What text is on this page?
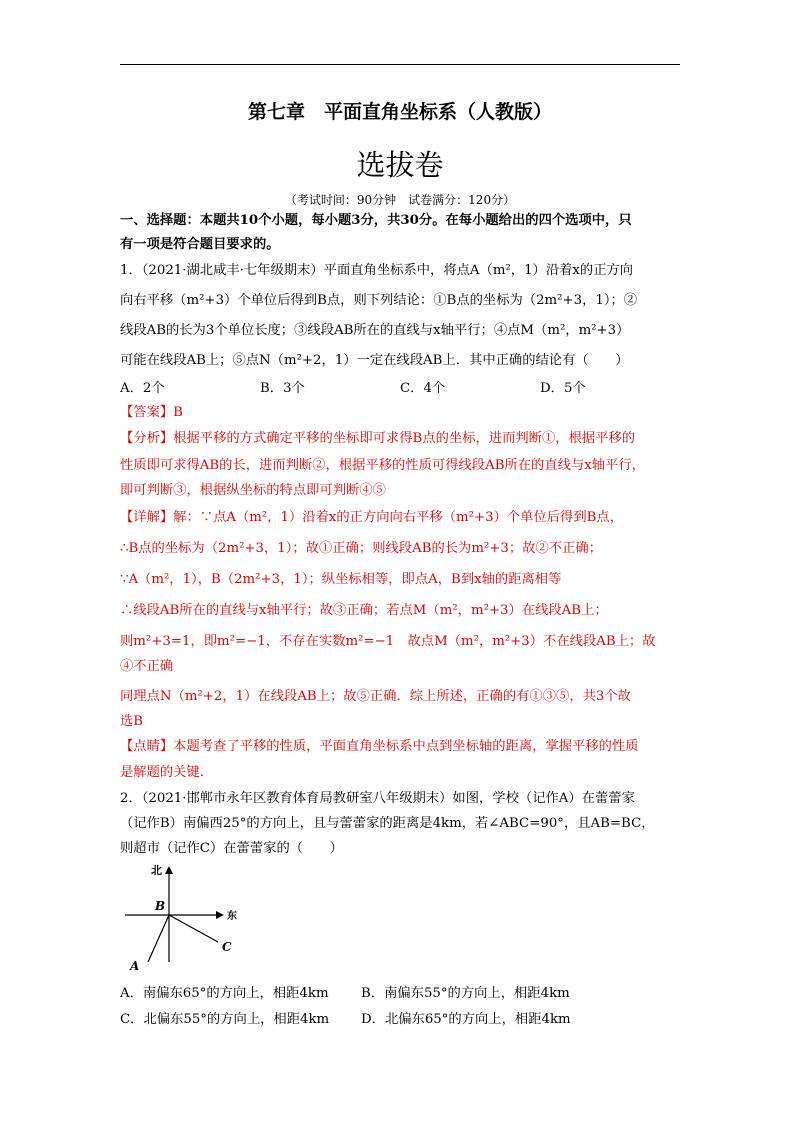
第七章　平面直角坐标系（人教版）
选拔卷
（考试时间：90分钟　试卷满分：120分）
一、选择题：本题共10个小题，每小题3分，共30分。在每小题给出的四个选项中，只
有一项是符合题目要求的。
1．（2021·湖北咸丰·七年级期末）平面直角坐标系中，将点A（m²，1）沿着x的正方向
向右平移（m²+3）个单位后得到B点，则下列结论：①B点的坐标为（2m²+3，1）；②
线段AB的长为3个单位长度；③线段AB所在的直线与x轴平行；④点M（m²，m²+3）
可能在线段AB上；⑤点N（m²+2，1）一定在线段AB上．其中正确的结论有（　　）
A．2个	B．3个	C．4个	D．5个
【答案】B
【分析】根据平移的方式确定平移的坐标即可求得B点的坐标，进而判断①，根据平移的
性质即可求得AB的长，进而判断②，根据平移的性质可得线段AB所在的直线与x轴平行，
即可判断③，根据纵坐标的特点即可判断④⑤
【详解】解：∵点A（m²，1）沿着x的正方向向右平移（m²+3）个单位后得到B点，
∴B点的坐标为（2m²+3，1）；故①正确；则线段AB的长为m²+3；故②不正确；
∵A（m²，1），B（2m²+3，1）；纵坐标相等，即点A，B到x轴的距离相等
∴线段AB所在的直线与x轴平行；故③正确；若点M（m²，m²+3）在线段AB上；
则m²+3=1，即m²=−1，不存在实数m²=−1　故点M（m²，m²+3）不在线段AB上；故
④不正确
同理点N（m²+2，1）在线段AB上；故⑤正确．综上所述，正确的有①③⑤，共3个故
选B
【点睛】本题考查了平移的性质，平面直角坐标系中点到坐标轴的距离，掌握平移的性质
是解题的关键．
2．（2021·邯郸市永年区教育体育局教研室八年级期末）如图，学校（记作A）在蕾蕾家
（记作B）南偏西25°的方向上，且与蕾蕾家的距离是4km，若∠ABC=90°，且AB=BC，
则超市（记作C）在蕾蕾家的（　　）
北
东
B
A
C
A．南偏东65°的方向上，相距4km B．南偏东55°的方向上，相距4km
C．北偏东55°的方向上，相距4km D．北偏东65°的方向上，相距4km
